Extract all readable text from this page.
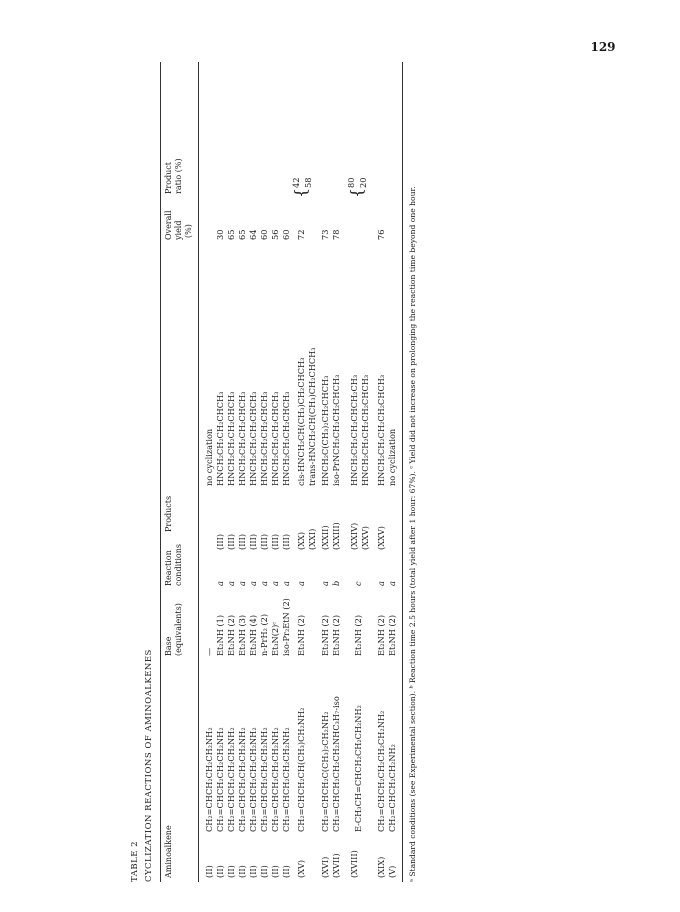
129
TABLE 2 CYCLIZATION REACTIONS OF AMINOALKENES Aminoalkene
Base (equivalents)
Reaction conditions
Products
Overall yield (%)
Product ratio (%)
(II)
CH₂=CHCH₂CH₂CH₂NH₂
—
no cyclization
(II)
CH₂=CHCH₂CH₂CH₂NH₂
Et₂NH (1)
a
(III)
HNCH₂CH₂CH₂CHCH₃
30
(II)
CH₂=CHCH₂CH₂CH₂NH₂
Et₂NH (2)
a
(III)
HNCH₂CH₂CH₂CHCH₃
65
(II)
CH₂=CHCH₂CH₂CH₂NH₂
Et₂NH (3)
a
(III)
HNCH₂CH₂CH₂CHCH₃
65
(II)
CH₂=CHCH₂CH₂CH₂NH₂
Et₂NH (4)
a
(III)
HNCH₂CH₂CH₂CHCH₃
64
(II)
CH₂=CHCH₂CH₂CH₂NH₂
n-PrH₂ (2)
a
(III)
HNCH₂CH₂CH₂CHCH₃
60
(II)
CH₂=CHCH₂CH₂CH₂NH₂
Et₃N(2)ᶜ
a
(III)
HNCH₂CH₂CH₂CHCH₃
56
(II)
CH₂=CHCH₂CH₂CH₂NH₂
iso-Pr₂EtN (2)
a
(III)
HNCH₂CH₂CH₂CHCH₃
60
(XV)
CH₂=CHCH₂CH(CH₃)CH₂NH₂
Et₂NH (2)
a
(XX)
cis-HNCH₂CH(CH₃)CH₂CHCH₃
72
{
42
(XXI)
trans-HNCH₂CH(CH₃)CH₂CHCH₃
58
(XVI)
CH₂=CHCH₂C(CH₃)₂CH₂NH₂
Et₂NH (2)
a
(XXII)
HNCH₂C(CH₃)₂CH₂CHCH₃
73
(XVII)
CH₂=CHCH₂CH₂CH₂NHC₃H₇-iso
Et₂NH (2)
b
(XXIII)
iso-PrNCH₂CH₂CH₂CHCH₃
78
(XVIII)
E-CH₃CH=CHCH₂CH₂CH₂NH₂
Et₂NH (2)
c
(XXIV)
HNCH₂CH₂CH₂CHCH₂CH₃
{
80
(XXV)
HNCH₂CH₂CH₂CH₂CHCH₃
20
(XIX)
CH₂=CHCH₂CH₂CH₂CH₂NH₂
Et₂NH (2)
a
(XXV)
HNCH₂CH₂CH₂CH₂CHCH₃
76
(V)
CH₂=CHCH₂CH₂NH₂
Et₂NH (2)
a
no cyclization ᵃ Standard conditions (see Experimental section). ᵇ Reaction time 2.5 hours (total yield after 1 hour: 67%). ᶜ Yield did not increase on prolonging the reaction time beyond one hour.
